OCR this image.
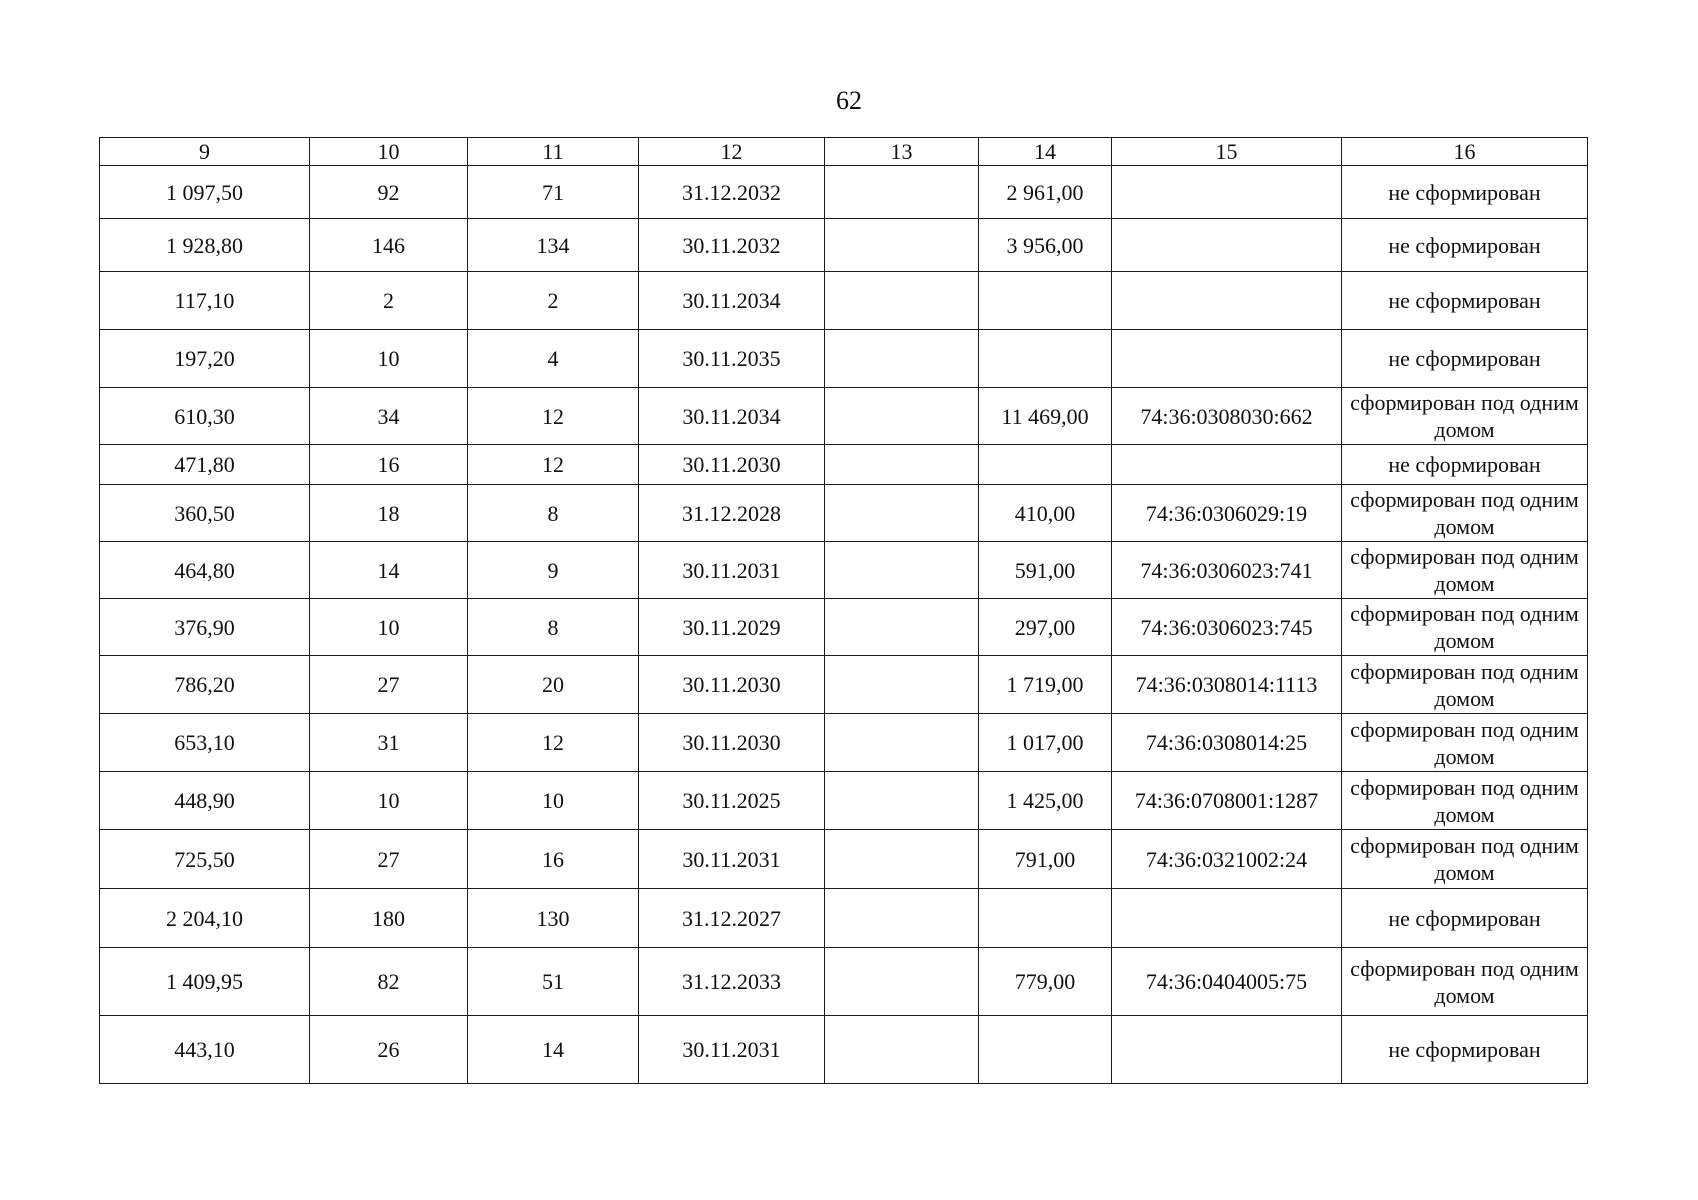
62
9	10	11	12	13	14	15	16
1 097,50	92	71	31.12.2032		2 961,00		не сформирован
1 928,80	146	134	30.11.2032		3 956,00		не сформирован
117,10	2	2	30.11.2034				не сформирован
197,20	10	4	30.11.2035				не сформирован
610,30	34	12	30.11.2034		11 469,00	74:36:0308030:662	сформирован под одним домом
471,80	16	12	30.11.2030				не сформирован
360,50	18	8	31.12.2028		410,00	74:36:0306029:19	сформирован под одним домом
464,80	14	9	30.11.2031		591,00	74:36:0306023:741	сформирован под одним домом
376,90	10	8	30.11.2029		297,00	74:36:0306023:745	сформирован под одним домом
786,20	27	20	30.11.2030		1 719,00	74:36:0308014:1113	сформирован под одним домом
653,10	31	12	30.11.2030		1 017,00	74:36:0308014:25	сформирован под одним домом
448,90	10	10	30.11.2025		1 425,00	74:36:0708001:1287	сформирован под одним домом
725,50	27	16	30.11.2031		791,00	74:36:0321002:24	сформирован под одним домом
2 204,10	180	130	31.12.2027				не сформирован
1 409,95	82	51	31.12.2033		779,00	74:36:0404005:75	сформирован под одним домом
443,10	26	14	30.11.2031				не сформирован
